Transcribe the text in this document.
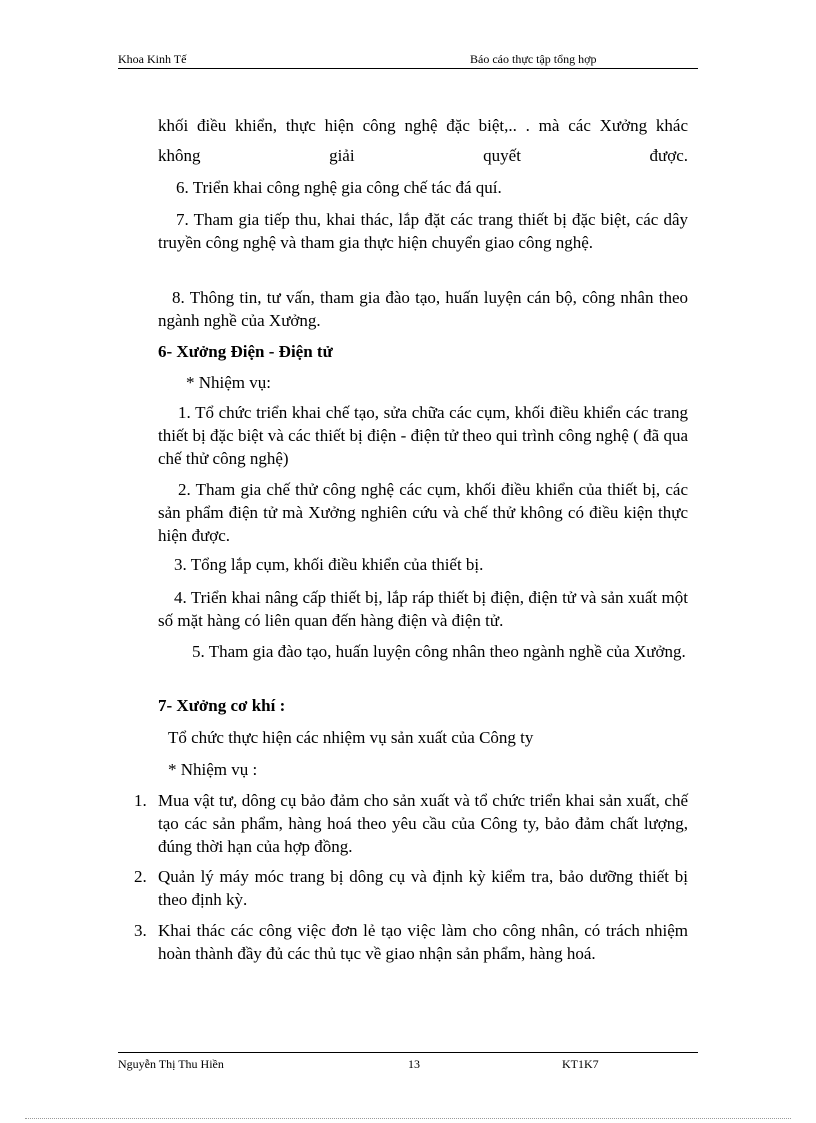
Khoa Kinh Tế	Báo cáo thực tập tổng hợp
khối điều khiển, thực hiện công nghệ đặc biệt,.. . mà các Xưởng khác
không giải quyết được.
6. Triển khai công nghệ gia công chế tác đá quí.
7. Tham gia tiếp thu, khai thác, lắp đặt các trang thiết bị đặc biệt, các dây truyền công nghệ và tham gia thực hiện chuyển giao công nghệ.
8. Thông tin, tư vấn, tham gia đào tạo, huấn luyện cán bộ, công nhân theo ngành nghề của Xưởng.
6- Xưởng Điện - Điện tử
* Nhiệm vụ:
1. Tổ chức triển khai chế tạo, sửa chữa các cụm, khối điều khiển các trang thiết bị đặc biệt và các thiết bị điện - điện tử theo qui trình công nghệ ( đã qua chế thử công nghệ)
2. Tham gia chế thử công nghệ các cụm, khối điều khiển của thiết bị, các sản phẩm điện tử mà Xưởng nghiên cứu và chế thử không có điều kiện thực hiện được.
3. Tổng lắp cụm, khối điều khiển của thiết bị.
4. Triển khai nâng cấp thiết bị, lắp ráp thiết bị điện, điện tử và sản xuất một số mặt hàng có liên quan đến hàng điện và điện tử.
5. Tham gia đào tạo, huấn luyện công nhân theo ngành nghề của Xưởng.
7- Xưởng cơ khí :
Tổ chức thực hiện các nhiệm vụ sản xuất của Công ty
* Nhiệm vụ :
1. Mua vật tư, dông cụ bảo đảm cho sản xuất và tổ chức triển khai sản xuất, chế tạo các sản phẩm, hàng hoá theo yêu cầu của Công ty, bảo đảm chất lượng, đúng thời hạn của hợp đồng.
2. Quản lý máy móc trang bị dông cụ và định kỳ kiểm tra, bảo dưỡng thiết bị theo định kỳ.
3. Khai thác các công việc đơn lẻ tạo việc làm cho công nhân, có trách nhiệm hoàn thành đầy đủ các thủ tục về giao nhận sản phẩm, hàng hoá.
Nguyễn Thị Thu Hiền	13	KT1K7
